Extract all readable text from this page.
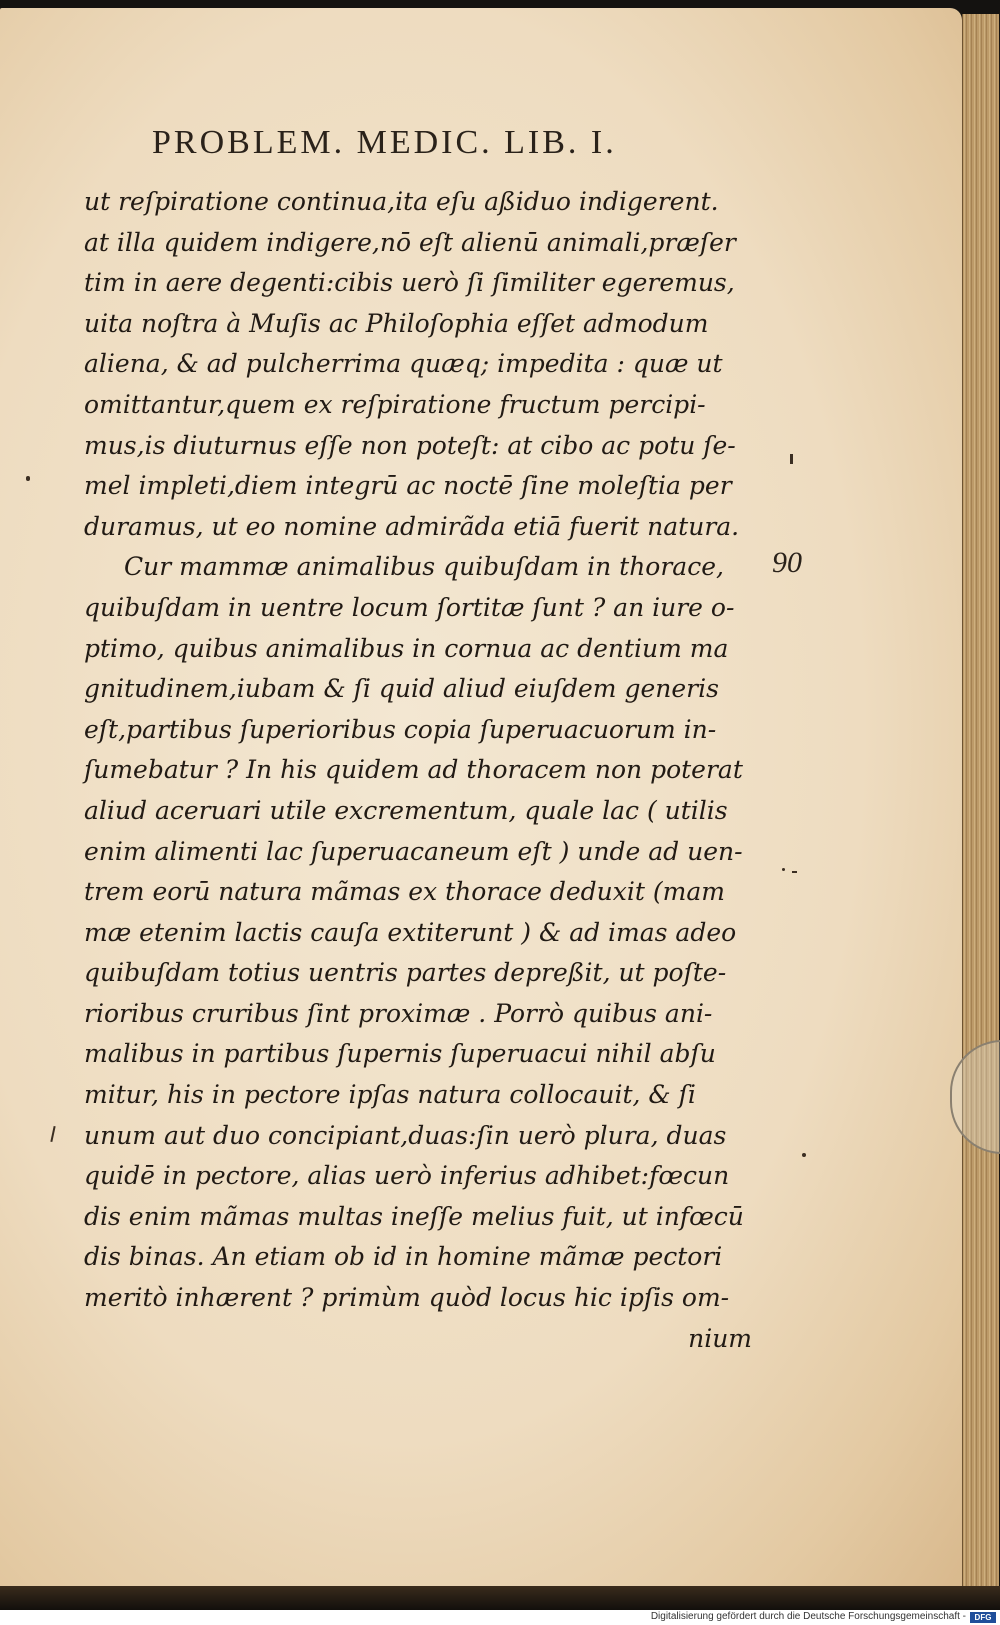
PROBLEM. MEDIC. LIB. I.
ut reſpiratione continua,ita eſu aßiduo indigerent.
at illa quidem indigere,nō eſt alienū animali,præſer
tim in aere degenti:cibis uerò ſi ſimiliter egeremus,
uita noſtra à Muſis ac Philoſophia eſſet admodum
aliena, & ad pulcherrima quæq; impedita : quæ ut
omittantur,quem ex reſpiratione fructum percipi-
mus,is diuturnus eſſe non poteſt: at cibo ac potu ſe-
mel impleti,diem integrū ac noctē ſine moleſtia per
duramus, ut eo nomine admirãda etiā fuerit natura.
Cur mammæ animalibus quibuſdam in thorace,
quibuſdam in uentre locum ſortitæ ſunt ? an iure o-
ptimo, quibus animalibus in cornua ac dentium ma
gnitudinem,iubam & ſi quid aliud eiuſdem generis
eſt,partibus ſuperioribus copia ſuperuacuorum in-
ſumebatur ? In his quidem ad thoracem non poterat
aliud aceruari utile excrementum, quale lac ( utilis
enim alimenti lac ſuperuacaneum eſt ) unde ad uen-
trem eorū natura mãmas ex thorace deduxit (mam
mæ etenim lactis cauſa extiterunt ) & ad imas adeo
quibuſdam totius uentris partes depreßit, ut poſte-
rioribus cruribus ſint proximæ . Porrò quibus ani-
malibus in partibus ſupernis ſuperuacui nihil abſu
mitur, his in pectore ipſas natura collocauit, & ſi
unum aut duo concipiant,duas:ſin uerò plura, duas
quidē in pectore, alias uerò inferius adhibet:fœcun
dis enim mãmas multas ineſſe melius fuit, ut infœcū
dis binas. An etiam ob id in homine mãmæ pectori
meritò inhærent ? primùm quòd locus hic ipſis om-
nium
90
Digitalisierung gefördert durch die Deutsche Forschungsgemeinschaft -	DFG
